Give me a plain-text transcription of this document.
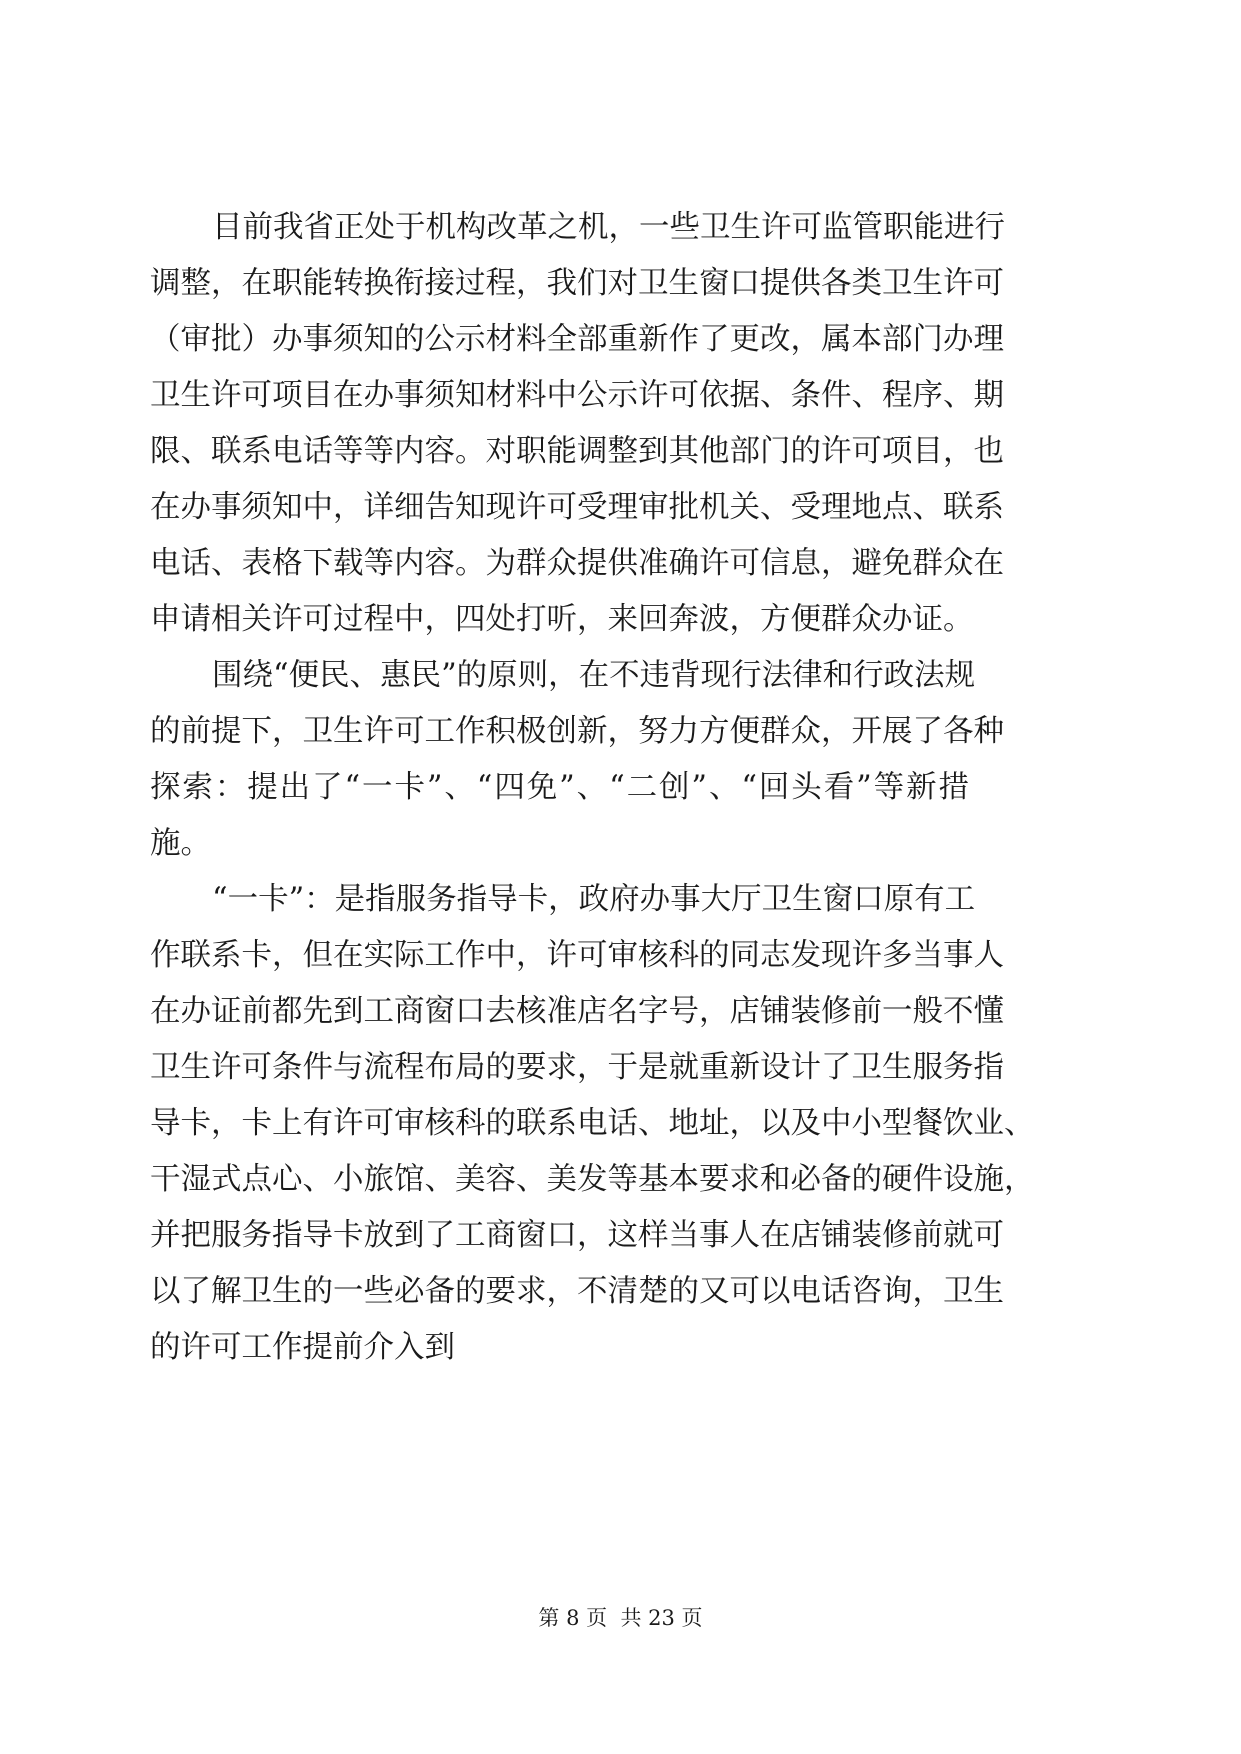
目前我省正处于机构改革之机，一些卫生许可监管职能进行
调整，在职能转换衔接过程，我们对卫生窗口提供各类卫生许可
（审批）办事须知的公示材料全部重新作了更改，属本部门办理
卫生许可项目在办事须知材料中公示许可依据、条件、程序、期
限、联系电话等等内容。对职能调整到其他部门的许可项目，也
在办事须知中，详细告知现许可受理审批机关、受理地点、联系
电话、表格下载等内容。为群众提供准确许可信息，避免群众在
申请相关许可过程中，四处打听，来回奔波，方便群众办证。
围绕“便民、惠民”的原则，在不违背现行法律和行政法规
的前提下，卫生许可工作积极创新，努力方便群众，开展了各种
探索：提出了“一卡”、“四免”、“二创”、“回头看”等新措
施。
“一卡”：是指服务指导卡，政府办事大厅卫生窗口原有工
作联系卡，但在实际工作中，许可审核科的同志发现许多当事人
在办证前都先到工商窗口去核准店名字号，店铺装修前一般不懂
卫生许可条件与流程布局的要求，于是就重新设计了卫生服务指
导卡，卡上有许可审核科的联系电话、地址，以及中小型餐饮业、
干湿式点心、小旅馆、美容、美发等基本要求和必备的硬件设施，
并把服务指导卡放到了工商窗口，这样当事人在店铺装修前就可
以了解卫生的一些必备的要求，不清楚的又可以电话咨询，卫生
的许可工作提前介入到
第 8 页  共 23 页
